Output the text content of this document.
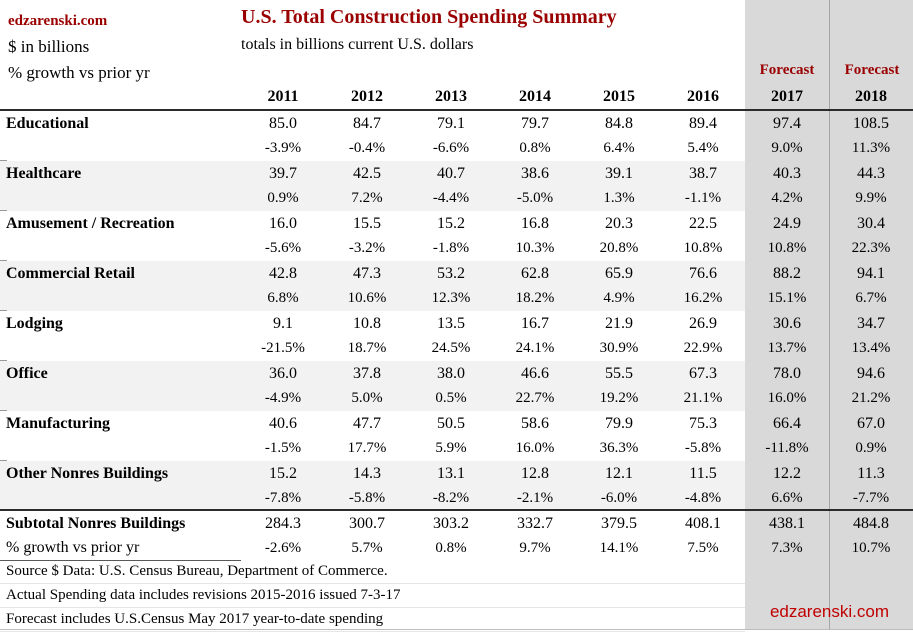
edzarenski.com
$ in billions
% growth vs prior yr
U.S. Total Construction Spending Summary
totals in billions current U.S. dollars
Forecast	Forecast
2011	2012	2013	2014	2015	2016	2017	2018
Educational	85.0	84.7	79.1	79.7	84.8	89.4	97.4	108.5
-3.9%	-0.4%	-6.6%	0.8%	6.4%	5.4%	9.0%	11.3%
Healthcare	39.7	42.5	40.7	38.6	39.1	38.7	40.3	44.3
0.9%	7.2%	-4.4%	-5.0%	1.3%	-1.1%	4.2%	9.9%
Amusement / Recreation	16.0	15.5	15.2	16.8	20.3	22.5	24.9	30.4
-5.6%	-3.2%	-1.8%	10.3%	20.8%	10.8%	10.8%	22.3%
Commercial Retail	42.8	47.3	53.2	62.8	65.9	76.6	88.2	94.1
6.8%	10.6%	12.3%	18.2%	4.9%	16.2%	15.1%	6.7%
Lodging	9.1	10.8	13.5	16.7	21.9	26.9	30.6	34.7
-21.5%	18.7%	24.5%	24.1%	30.9%	22.9%	13.7%	13.4%
Office	36.0	37.8	38.0	46.6	55.5	67.3	78.0	94.6
-4.9%	5.0%	0.5%	22.7%	19.2%	21.1%	16.0%	21.2%
Manufacturing	40.6	47.7	50.5	58.6	79.9	75.3	66.4	67.0
-1.5%	17.7%	5.9%	16.0%	36.3%	-5.8%	-11.8%	0.9%
Other Nonres Buildings	15.2	14.3	13.1	12.8	12.1	11.5	12.2	11.3
-7.8%	-5.8%	-8.2%	-2.1%	-6.0%	-4.8%	6.6%	-7.7%
Subtotal Nonres Buildings	284.3	300.7	303.2	332.7	379.5	408.1	438.1	484.8
% growth vs prior yr	-2.6%	5.7%	0.8%	9.7%	14.1%	7.5%	7.3%	10.7%
Source $ Data: U.S. Census Bureau, Department of Commerce.
Actual Spending data includes revisions 2015-2016 issued 7-3-17
Forecast includes U.S.Census May 2017 year-to-date spending	edzarenski.com
